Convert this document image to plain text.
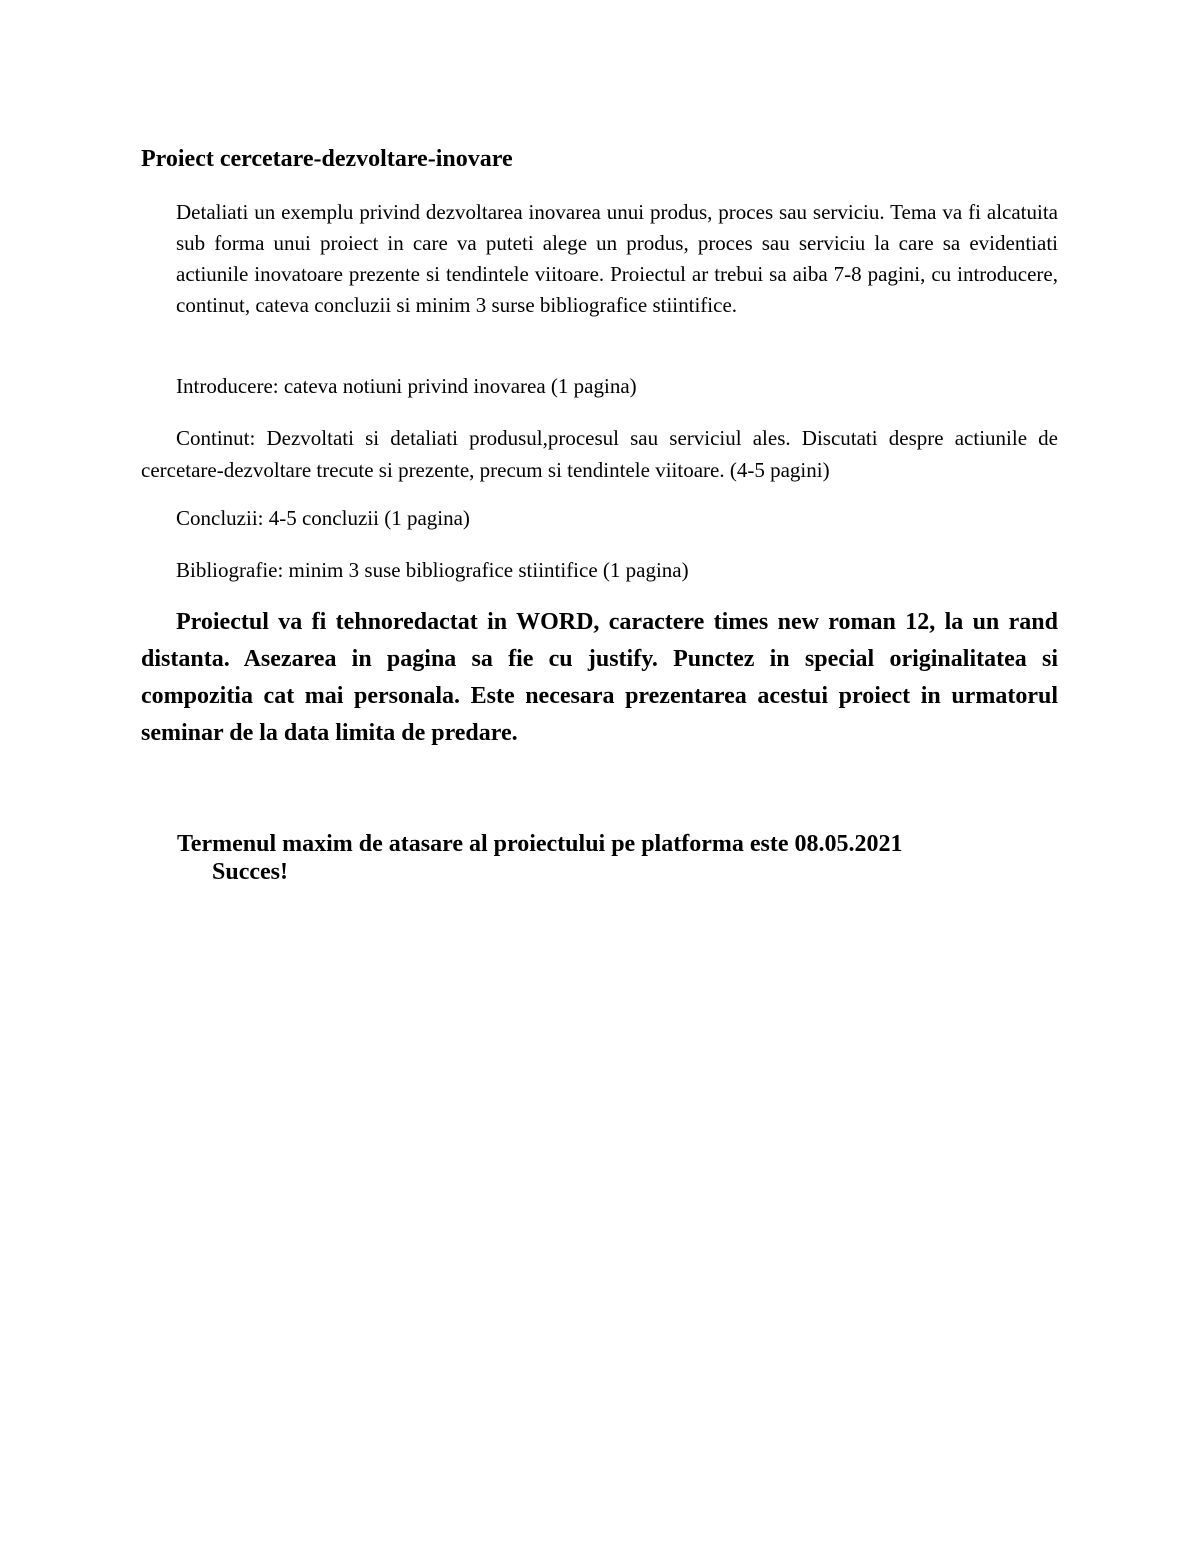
Proiect cercetare-dezvoltare-inovare

Detaliati un exemplu privind dezvoltarea inovarea unui produs, proces sau serviciu. Tema va fi alcatuita sub forma unui proiect in care va puteti alege un produs, proces sau serviciu la care sa evidentiati actiunile inovatoare prezente si tendintele viitoare. Proiectul ar trebui sa aiba 7-8 pagini, cu introducere, continut, cateva concluzii si minim 3 surse bibliografice stiintifice.

Introducere: cateva notiuni privind inovarea (1 pagina)

Continut: Dezvoltati si detaliati produsul,procesul sau serviciul ales. Discutati despre actiunile de cercetare-dezvoltare trecute si prezente, precum si tendintele viitoare. (4-5 pagini)

Concluzii: 4-5 concluzii (1 pagina)

Bibliografie: minim 3 suse bibliografice stiintifice (1 pagina)

Proiectul va fi tehnoredactat in WORD, caractere times new roman 12, la un rand distanta. Asezarea in pagina sa fie cu justify. Punctez in special originalitatea si compozitia cat mai personala. Este necesara prezentarea acestui proiect in urmatorul seminar de la data limita de predare.

Termenul maxim de atasare al proiectului pe platforma este 08.05.2021

Succes!
